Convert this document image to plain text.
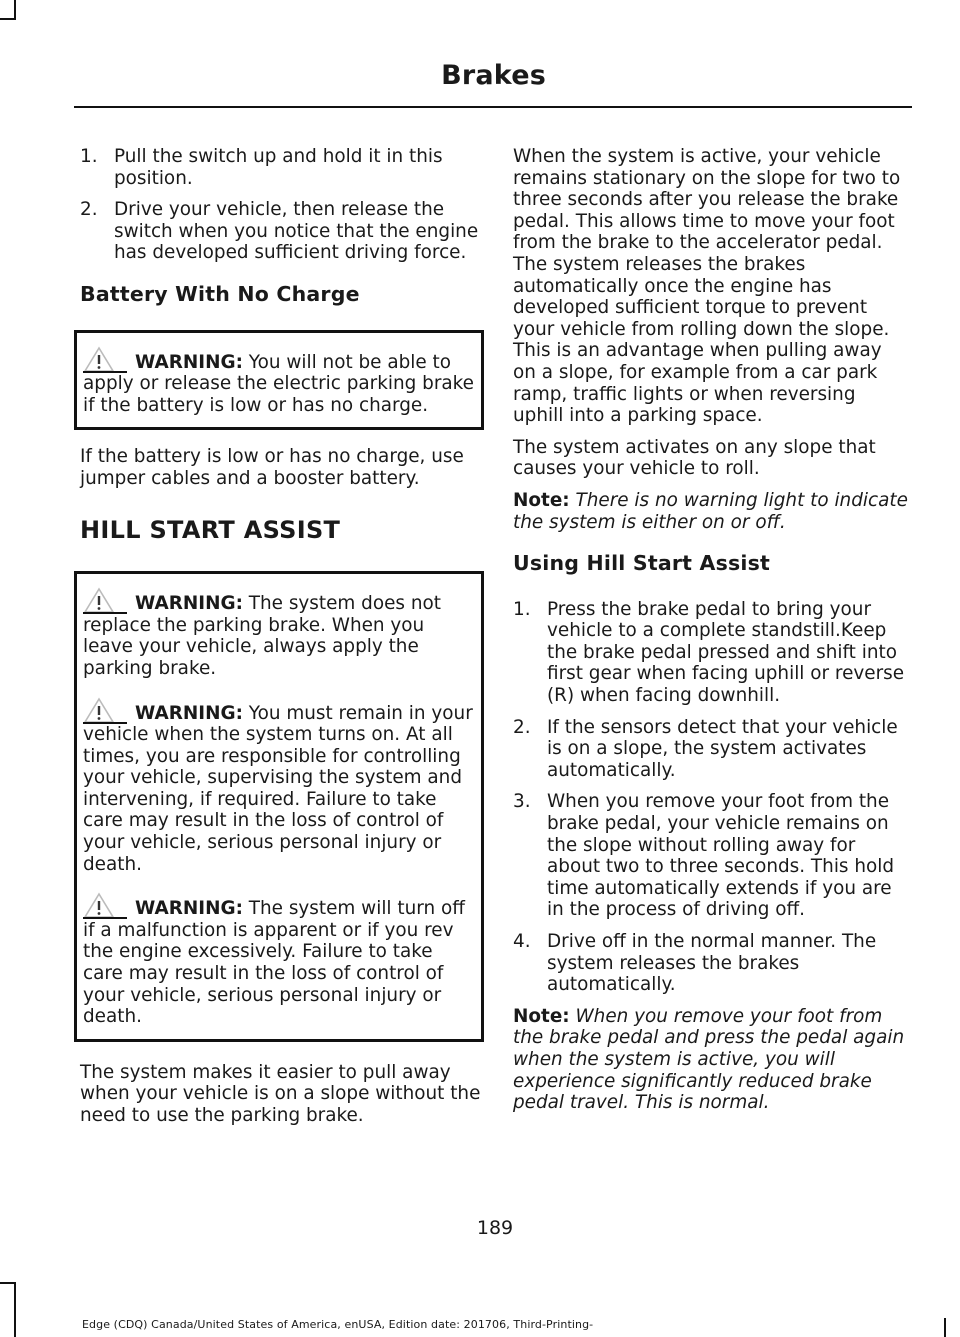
Brakes
1. Pull the switch up and hold it in this position.
2. Drive your vehicle, then release the switch when you notice that the engine has developed sufficient driving force.
Battery With No Charge
WARNING: You will not be able to apply or release the electric parking brake if the battery is low or has no charge.

If the battery is low or has no charge, use jumper cables and a booster battery.

HILL START ASSIST
WARNING: The system does not replace the parking brake. When you leave your vehicle, always apply the parking brake.
WARNING: You must remain in your vehicle when the system turns on. At all times, you are responsible for controlling your vehicle, supervising the system and intervening, if required. Failure to take care may result in the loss of control of your vehicle, serious personal injury or death.
WARNING: The system will turn off if a malfunction is apparent or if you rev the engine excessively. Failure to take care may result in the loss of control of your vehicle, serious personal injury or death.

The system makes it easier to pull away when your vehicle is on a slope without the need to use the parking brake.

When the system is active, your vehicle remains stationary on the slope for two to three seconds after you release the brake pedal. This allows time to move your foot from the brake to the accelerator pedal. The system releases the brakes automatically once the engine has developed sufficient torque to prevent your vehicle from rolling down the slope. This is an advantage when pulling away on a slope, for example from a car park ramp, traffic lights or when reversing uphill into a parking space.

The system activates on any slope that causes your vehicle to roll.

Note: There is no warning light to indicate the system is either on or off.

Using Hill Start Assist
1. Press the brake pedal to bring your vehicle to a complete standstill.Keep the brake pedal pressed and shift into first gear when facing uphill or reverse (R) when facing downhill.
2. If the sensors detect that your vehicle is on a slope, the system activates automatically.
3. When you remove your foot from the brake pedal, your vehicle remains on the slope without rolling away for about two to three seconds. This hold time automatically extends if you are in the process of driving off.
4. Drive off in the normal manner. The system releases the brakes automatically.

Note: When you remove your foot from the brake pedal and press the pedal again when the system is active, you will experience significantly reduced brake pedal travel. This is normal.

189
Edge (CDQ) Canada/United States of America, enUSA, Edition date: 201706, Third-Printing-
